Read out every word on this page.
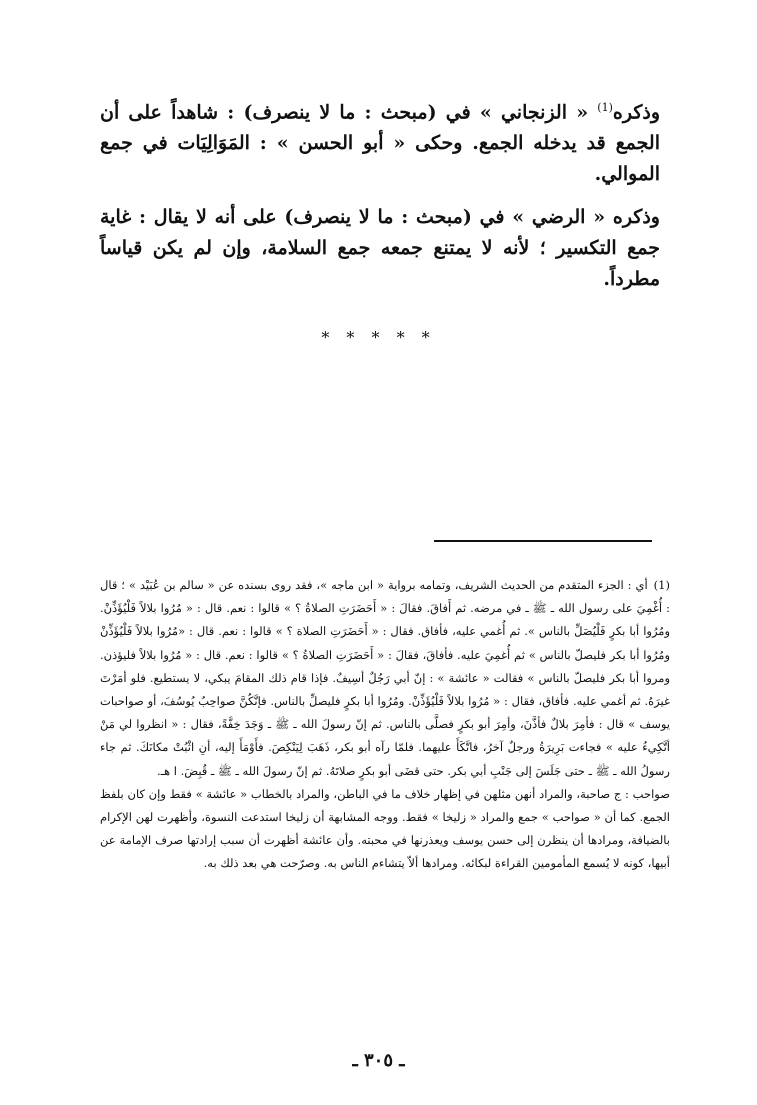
وذكره$^{(1)}$ « الزنجاني » في (مبحث : ما لا ينصرف) : شاهداً على أن الجمع قد يدخله الجمع. وحكى « أبو الحسن » : المَوَالِيَات في جمع الموالي.

وذكره « الرضي » في (مبحث : ما لا ينصرف) على أنه لا يقال : غاية جمع التكسير ؛ لأنه لا يمتنع جمعه جمع السلامة، وإن لم يكن قياساً مطرداً.

* * * * *

(1)أي : الجزء المتقدم من الحديث الشريف، وتمامه برواية « ابن ماجه »، فقد روى بسنده عن « سالم بن عُبَيْد » ؛ قال : أُغْمِيَ على رسول الله ـ ﷺ ـ في مرضه. ثم أَفاقَ. فقالَ : « أَحَضَرَتِ الصلاةُ ؟ » قالوا : نعم. قال : « مُرُوا بلالاً فَلْيُؤَذِّنْ. ومُرُوا أبا بكرٍ فَلْيُصَلِّ بالناس ». ثم أُغمي عليه، فأفاق. فقال : « أَحَضَرَتِ الصلاة ؟ » قالوا : نعم. قال : «مُرُوا بلالاً فَلْيُؤَذِّنْ ومُرُوا أبا بكر فليصلّ بالناس » ثم أُغمِيَ عليه. فأفاقَ، فقالَ : « أَحَضَرَتِ الصلاةُ ؟ » قالوا : نعم. قال : « مُرُوا بلالاً فليؤذن. ومروا أبا بكر فليصلّ بالناس » فقالت « عائشة » : إنّ أبي رَجُلٌ أسِيفٌ. فإذا قام ذلك المقامَ يبكي، لا يستطيع. فلو أمَرْتَ غيرَهُ. ثم أغمي عليه. فأفاق، فقال : « مُرُوا بلالاً فَلْيُؤَذِّنْ. ومُرُوا أبا بكرٍ فليصلِّ بالناس. فإنَّكُنَّ صواحِبُ يُوسُفَ، أو صواحبات يوسف » قال : فأمِرَ بلالٌ فأذَّنَ، وأمِرَ أبو بكرٍ فصلَّى بالناس. ثم إنّ رسولَ الله ـ ﷺ ـ وَجَدَ خِفَّةً، فقال : « انظروا لي مَنْ أتَّكِيءُ عليه » فجاءت بَرِيرَةُ ورجلٌ آخرُ، فاتَّكَأَ عليهما. فلمّا رآه أبو بكر، ذَهَبَ لِيَنْكِصَ. فأَوْمَأَ إليه، أنِ اثْبُتْ مكانَكَ. ثم جاء رسولُ الله ـ ﷺ ـ حتى جَلَسَ إلى جَنْبِ أبي بكر. حتى قضَى أبو بكرٍ صلاتَهُ. ثم إنّ رسولَ الله ـ ﷺ ـ قُبِضَ. ا هـ.

صواحب : ج صاحبة، والمراد أنهن مثلهن في إظهار خلاف ما في الباطن، والمراد بالخطاب « عائشة » فقط وإن كان بلفظ الجمع. كما أن « صواحب » جمع والمراد « زليخا » فقط. ووجه المشابهة أن زليخا استدعت النسوة، وأظهرت لهن الإكرام بالضيافة، ومرادها أن ينظرن إلى حسن يوسف ويعذرنها في محبته. وأن عائشة أظهرت أن سبب إرادتها صرف الإمامة عن أبيها، كونه لا يُسمع المأمومين القراءة لبكائه. ومرادها ألاّ يتشاءم الناس به. وصرّحت هي بعد ذلك به.

ـ ٣٠٥ ـ
